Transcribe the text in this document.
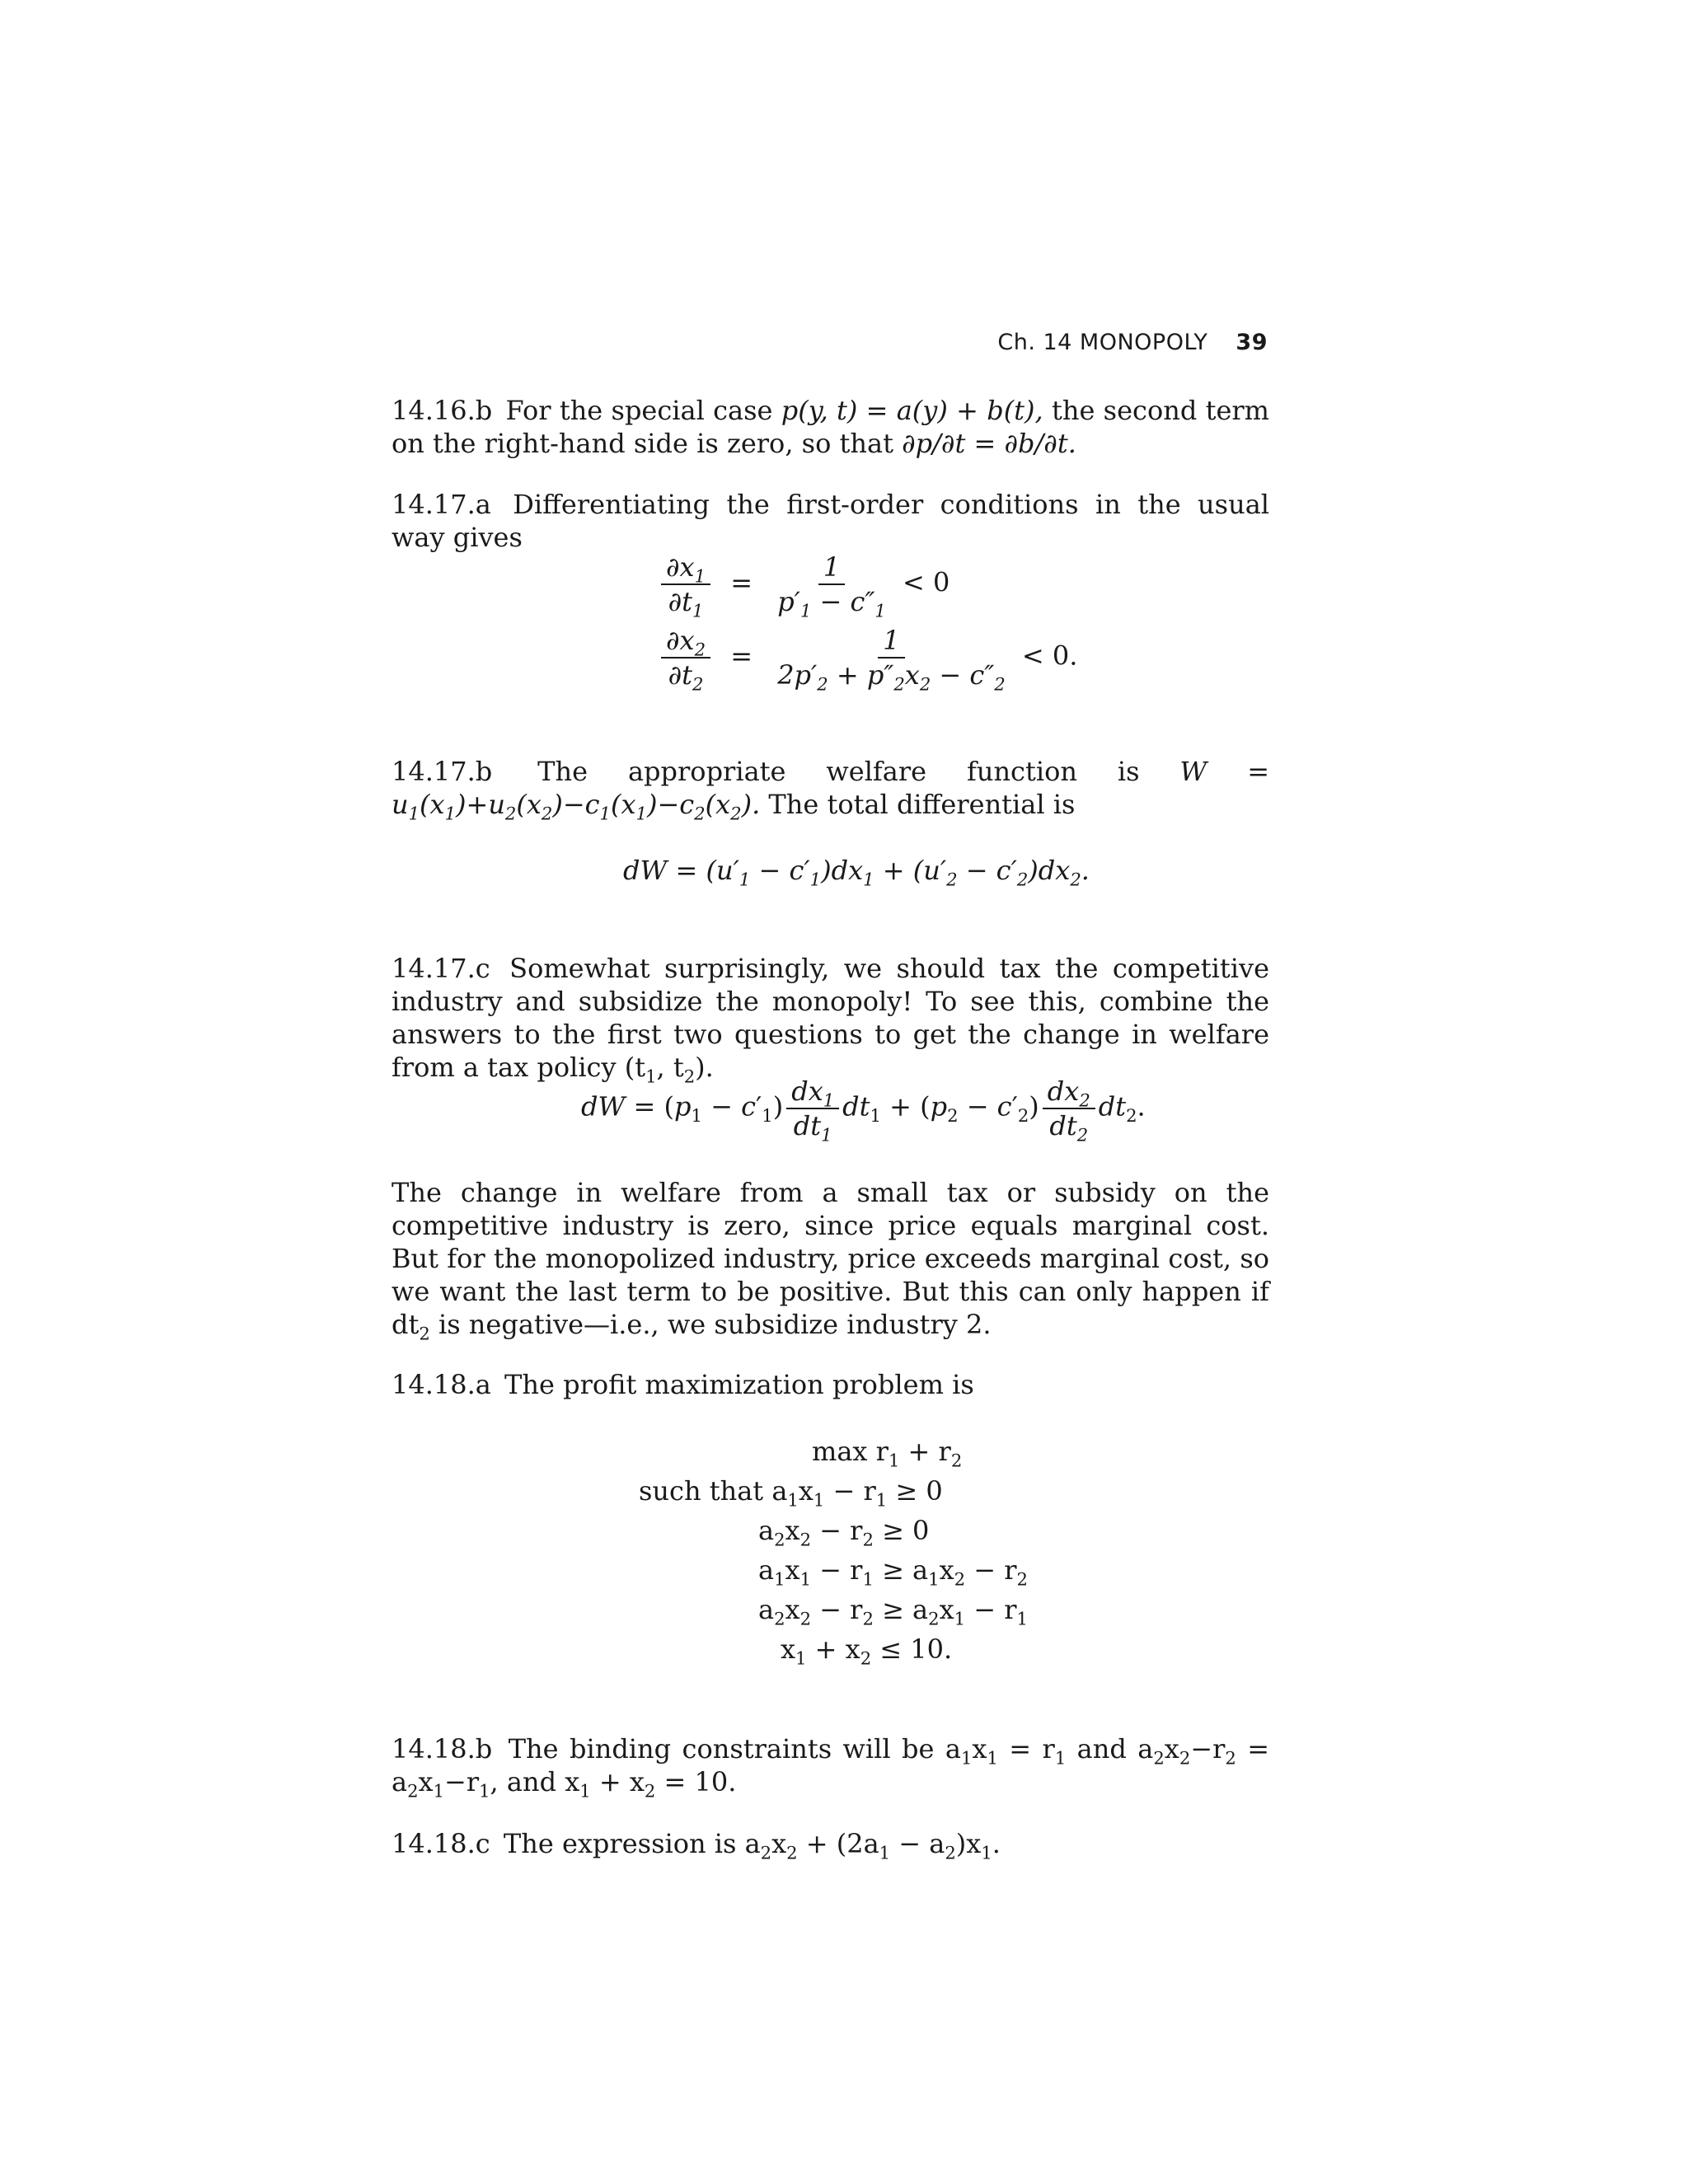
Ch. 14 MONOPOLY 39

14.16.b For the special case p(y, t) = a(y) + b(t), the second term on the right-hand side is zero, so that ∂p/∂t = ∂b/∂t.

14.17.a Differentiating the first-order conditions in the usual way gives

$\frac{\partial x_1}{\partial t_1} = \frac{1}{p'_1 - c''_1} < 0$
$\frac{\partial x_2}{\partial t_2} = \frac{1}{2p'_2 + p''_2x_2 - c''_2} < 0$.

14.17.b The appropriate welfare function is $W = u_1(x_1)+u_2(x_2)-c_1(x_1)-c_2(x_2)$. The total differential is

dW = $(u'_1 - c'_1)dx_1 + (u'_2 - c'_2)dx_2$.

14.17.c Somewhat surprisingly, we should tax the competitive industry and subsidize the monopoly! To see this, combine the answers to the first two questions to get the change in welfare from a tax policy ($t_1$, $t_2$).

dW = $(p_1 - c'_1) \frac{dx_1}{dt_1} dt_1 + (p_2 - c'_2) \frac{dx_2}{dt_2} dt_2$.

The change in welfare from a small tax or subsidy on the competitive industry is zero, since price equals marginal cost. But for the monopolized industry, price exceeds marginal cost, so we want the last term to be positive. But this can only happen if $dt_2$ is negative—i.e., we subsidize industry 2.

14.18.a The profit maximization problem is

$\max r_1 + r_2$
such that $a_1x_1 - r_1 \ge 0$
$a_2x_2 - r_2 \ge 0$
$a_1x_1 - r_1 \ge a_1x_2 - r_2$
$a_2x_2 - r_2 \ge a_2x_1 - r_1$
$x_1 + x_2 \le 10$.

14.18.b The binding constraints will be $a_1x_1 = r_1$ and $a_2x_2-r_2 = a_2x_1-r_1$, and $x_1 + x_2 = 10$.

14.18.c The expression is $a_2x_2 + (2a_1 - a_2)x_1$.
